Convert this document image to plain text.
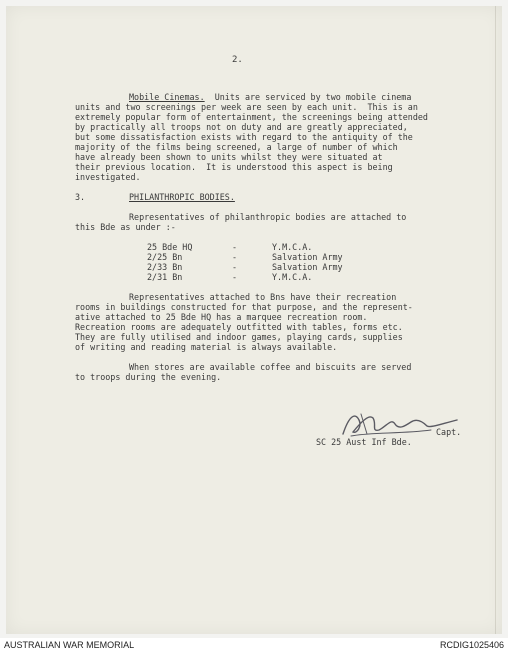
2.
Mobile Cinemas.  Units are serviced by two mobile cinema
units and two screenings per week are seen by each unit.  This is an
extremely popular form of entertainment, the screenings being attended
by practically all troops not on duty and are greatly appreciated,
but some dissatisfaction exists with regard to the antiquity of the
majority of the films being screened, a large of number of which
have already been shown to units whilst they were situated at
their previous location.  It is understood this aspect is being
investigated.
3.	PHILANTHROPIC BODIES.
Representatives of philanthropic bodies are attached to
this Bde as under :-
25 Bde HQ	-	Y.M.C.A.
2/25 Bn	-	Salvation Army
2/33 Bn	-	Salvation Army
2/31 Bn	-	Y.M.C.A.
Representatives attached to Bns have their recreation
rooms in buildings constructed for that purpose, and the represent-
ative attached to 25 Bde HQ has a marquee recreation room.
Recreation rooms are adequately outfitted with tables, forms etc.
They are fully utilised and indoor games, playing cards, supplies
of writing and reading material is always available.
When stores are available coffee and biscuits are served
to troops during the evening.
Capt.
SC 25 Aust Inf Bde.
AUSTRALIAN WAR MEMORIAL	RCDIG1025406
